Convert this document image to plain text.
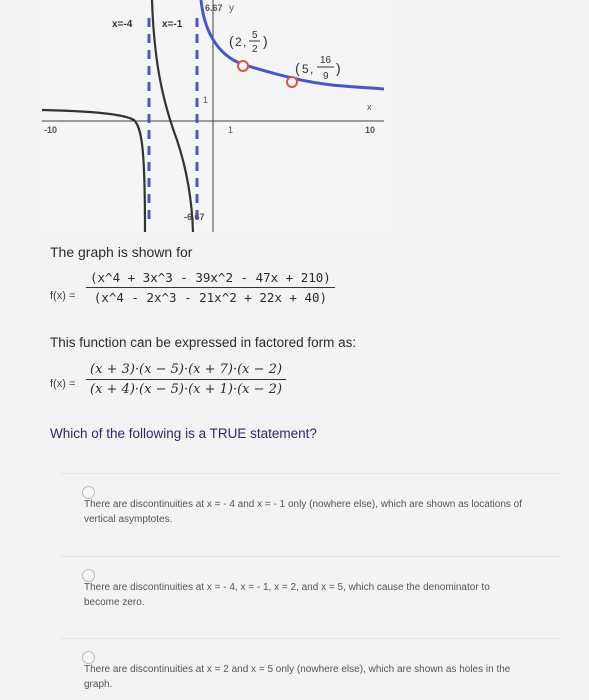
6.67 y
-6.67
-10	10
x
1
1
x=-4	x=-1
( 2 , 5
2
)
( 5 ,
16
9
)
The graph is shown for
$f(x) = \frac{(x\^{}4 + 3x\^{}3 - 39x\^{}2 - 47x + 210)}{(x\^{}4 - 2x\^{}3 - 21x\^{}2 + 22x + 40)}$
This function can be expressed in factored form as:
$f(x) = \frac{(x + 3)\cdot(x - 5)\cdot(x + 7)\cdot(x - 2)}{(x + 4)\cdot(x - 5)\cdot(x + 1)\cdot(x - 2)}$
Which of the following is a TRUE statement?
There are discontinuities at x = - 4 and x = - 1 only (nowhere else), which are shown as locations of vertical asymptotes.
There are discontinuities at x = - 4, x = - 1, x = 2, and x = 5, which cause the denominator to become zero.
There are discontinuities at x = 2 and x = 5 only (nowhere else), which are shown as holes in the graph.
